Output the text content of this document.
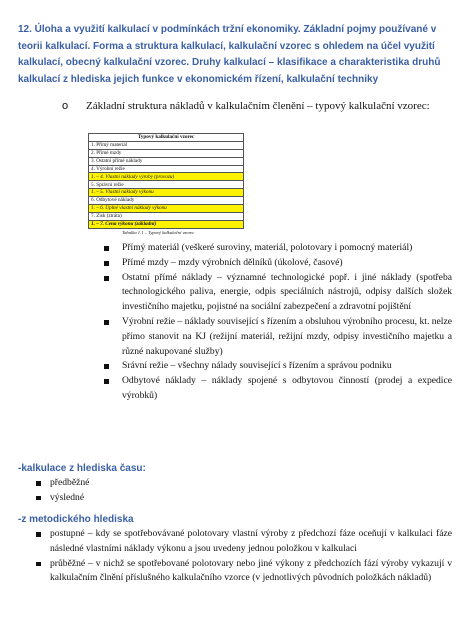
12. Úloha a využití kalkulací v podmínkách tržní ekonomiky. Základní pojmy používané v teorii kalkulací. Forma a struktura kalkulací, kalkulační vzorec s ohledem na účel využití kalkulací, obecný kalkulační vzorec. Druhy kalkulací – klasifikace a charakteristika druhů kalkulací z hlediska jejich funkce v ekonomickém řízení, kalkulační techniky
o Základní struktura nákladů v kalkulačním členění – typový kalkulační vzorec:
Typový kalkulační vzorec
1. Přímý materiál
2. Přímé mzdy
3. Ostatní přímé náklady
4. Výrobní režie
1. – 4. Vlastní náklady výroby (provozu)
5. Správní režie
1. – 5. Vlastní náklady výkonu
6. Odbytové náklady
1. – 6. Úplné vlastní náklady výkonu
7. Zisk (ztráta)
1. – 7. Cena výkonu (základní)
Tabulka 1.1 – Typový kalkulační vzorec
Přímý materiál (veškeré suroviny, materiál, polotovary i pomocný materiál)
Přímé mzdy – mzdy výrobních dělníků (úkolové, časové)
Ostatní přímé náklady – významné technologické popř. i jiné náklady (spotřeba technologického paliva, energie, odpis speciálních nástrojů, odpisy dalších složek investičního majetku, pojistné na sociální zabezpečení a zdravotní pojištění
Výrobní režie – náklady související s řízením a obsluhou výrobního procesu, kt. nelze přímo stanovit na KJ (režijní materiál, režijní mzdy, odpisy investičního majetku a různé nakupované služby)
Srávní režie – všechny nálady související s řízením a správou podniku
Odbytové náklady – náklady spojené s odbytovou činností (prodej a expedice výrobků)
-kalkulace z hlediska času:
předběžné
výsledné
-z metodického hlediska
postupné – kdy se spotřebovávané polotovary vlastní výroby z předchozí fáze oceňují v kalkulaci fáze následné vlastními náklady výkonu a jsou uvedeny jednou položkou v kalkulaci
průběžné – v nichž se spotřebované polotovary nebo jiné výkony z předchozích fází výroby vykazují v kalkulačním člnění příslušného kalkulačního vzorce (v jednotlivých původních položkách nákladů)
